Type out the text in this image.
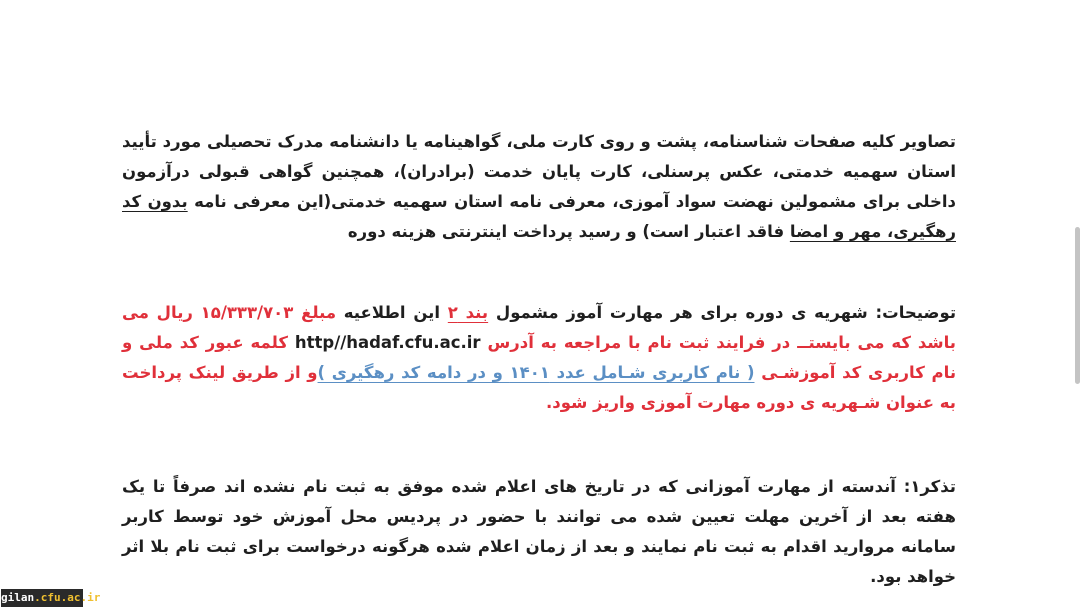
تصاویر کلیه صفحات شناسنامه، پشت و روی کارت ملی، گواهینامه یا دانشنامه مدرک تحصیلی مورد تأیید استان سهمیه خدمتی، عکس پرسنلی، کارت پایان خدمت (برادران)، همچنین گواهی قبولی درآزمون داخلی برای مشمولین نهضت سواد آموزی، معرفی نامه استان سهمیه خدمتی(این معرفی نامه بدون کد رهگیری، مهر و امضا فاقد اعتبار است) و رسید پرداخت اینترنتی هزینه دوره

توضیحات: شهریه ی دوره برای هر مهارت آموز مشمول بند ۲ این اطلاعیه مبلغ ۱۵/۳۳۳/۷۰۳ ریال می باشد که می بایستــ در فرایند ثبت نام با مراجعه به آدرس http//hadaf.cfu.ac.ir کلمه عبور کد ملی و نام کاربری کد آموزشـی ( نام کاربری شـامل عدد ۱۴۰۱ و در دامه کد رهگیری )و از طریق لینک پرداخت به عنوان شـهریه ی دوره مهارت آموزی واریز شود.

تذکر۱: آندسته از مهارت آموزانی که در تاریخ های اعلام شده موفق به ثبت نام نشده اند صرفاً تا یک هفته بعد از آخرین مهلت تعیین شده می توانند با حضور در پردیس محل آموزش خود توسط کاربر سامانه مروارید اقدام به ثبت نام نمایند و بعد از زمان اعلام شده هرگونه درخواست برای ثبت نام بلا اثر خواهد بود.

gilan.cfu.ac.ir
